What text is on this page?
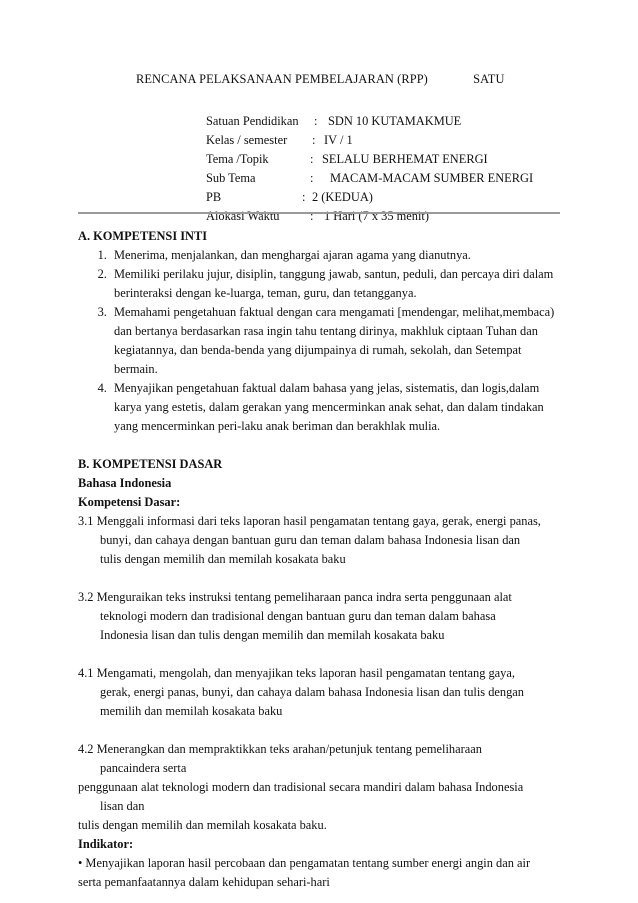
RENCANA PELAKSANAAN PEMBELAJARAN (RPP)	SATU
Satuan Pendidikan	: SDN 10 KUTAMAKMUE
Kelas / semester	: IV / 1
Tema /Topik	: SELALU BERHEMAT ENERGI
Sub Tema	:	MACAM-MACAM SUMBER ENERGI
PB	: 2 (KEDUA)
Alokasi Waktu	: 1 Hari (7 x 35 menit)

A. KOMPETENSI INTI

1. Menerima, menjalankan, dan menghargai ajaran agama yang dianutnya.
2. Memiliki perilaku jujur, disiplin, tanggung jawab, santun, peduli, dan percaya diri dalam berinteraksi dengan ke-luarga, teman, guru, dan tetangganya.
3. Memahami pengetahuan faktual dengan cara mengamati [mendengar, melihat,membaca) dan bertanya berdasarkan rasa ingin tahu tentang dirinya, makhluk ciptaan Tuhan dan kegiatannya, dan benda-benda yang dijumpainya di rumah, sekolah, dan Setempat bermain.
4. Menyajikan pengetahuan faktual dalam bahasa yang jelas, sistematis, dan logis,dalam karya yang estetis, dalam gerakan yang mencerminkan anak sehat, dan dalam tindakan yang mencerminkan peri-laku anak beriman dan berakhlak mulia.

B. KOMPETENSI DASAR

Bahasa Indonesia
Kompetensi Dasar:
3.1 Menggali informasi dari teks laporan hasil pengamatan tentang gaya, gerak, energi panas,
bunyi, dan cahaya dengan bantuan guru dan teman dalam bahasa Indonesia lisan dan
tulis dengan memilih dan memilah kosakata baku
3.2 Menguraikan teks instruksi tentang pemeliharaan panca indra serta penggunaan alat
teknologi modern dan tradisional dengan bantuan guru dan teman dalam bahasa
Indonesia lisan dan tulis dengan memilih dan memilah kosakata baku
4.1 Mengamati, mengolah, dan menyajikan teks laporan hasil pengamatan tentang gaya,
gerak, energi panas, bunyi, dan cahaya dalam bahasa Indonesia lisan dan tulis dengan
memilih dan memilah kosakata baku
4.2 Menerangkan dan mempraktikkan teks arahan/petunjuk tentang pemeliharaan
pancaindera serta
penggunaan alat teknologi modern dan tradisional secara mandiri dalam bahasa Indonesia
lisan dan
tulis dengan memilih dan memilah kosakata baku.
Indikator:
• Menyajikan laporan hasil percobaan dan pengamatan tentang sumber energi angin dan air
serta pemanfaatannya dalam kehidupan sehari-hari
